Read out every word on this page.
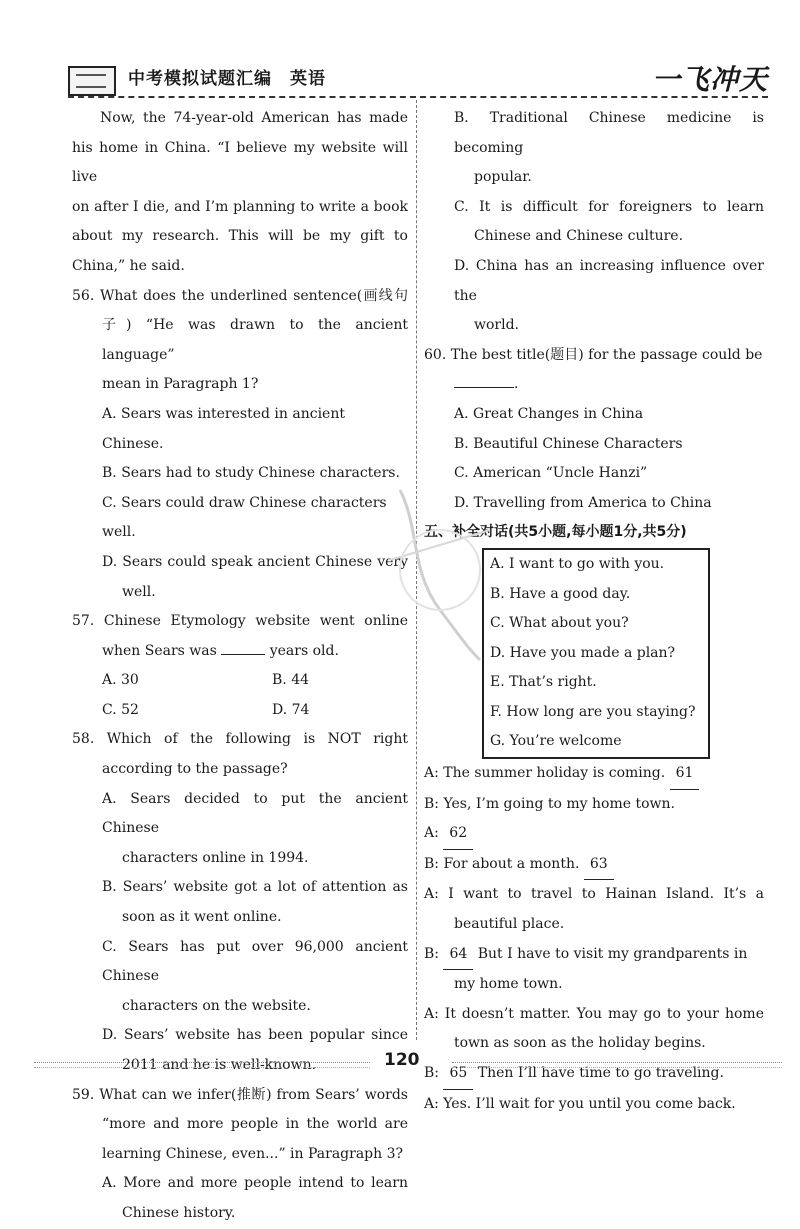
中考模拟试题汇编 英语	一飞冲天

Now, the 74-year-old American has made

his home in China. “I believe my website will live

on after I die, and I’m planning to write a book

about my research. This will be my gift to

China,” he said.

56. What does the underlined sentence(画线句

子) “He was drawn to the ancient language”

mean in Paragraph 1?

A. Sears was interested in ancient Chinese.

B. Sears had to study Chinese characters.

C. Sears could draw Chinese characters well.

D. Sears could speak ancient Chinese very

well.

57. Chinese Etymology website went online

when Sears was	years old.

A. 30	B. 44

C. 52	D. 74

58. Which of the following is NOT right

according to the passage?

A. Sears decided to put the ancient Chinese

characters online in 1994.

B. Sears’ website got a lot of attention as

soon as it went online.

C. Sears has put over 96,000 ancient Chinese

characters on the website.

D. Sears’ website has been popular since

2011 and he is well-known.

59. What can we infer(推断) from Sears’ words

“more and more people in the world are

learning Chinese, even...” in Paragraph 3?

A. More and more people intend to learn

Chinese history.

B. Traditional Chinese medicine is becoming

popular.

C. It is difficult for foreigners to learn

Chinese and Chinese culture.

D. China has an increasing influence over the

world.

60. The best title(题目) for the passage could be

.

A. Great Changes in China

B. Beautiful Chinese Characters

C. American “Uncle Hanzi”

D. Travelling from America to China

五、补全对话(共5小题,每小题1分,共5分)

A. I want to go with you.

B. Have a good day.

C. What about you?

D. Have you made a plan?

E. That’s right.

F. How long are you staying?

G. You’re welcome

A: The summer holiday is coming. 61

B: Yes, I’m going to my home town.

A: 62

B: For about a month. 63

A: I want to travel to Hainan Island. It’s a

beautiful place.

B: 64 But I have to visit my grandparents in

my home town.

A: It doesn’t matter. You may go to your home

town as soon as the holiday begins.

B: 65 Then I’ll have time to go traveling.

A: Yes. I’ll wait for you until you come back.

120
